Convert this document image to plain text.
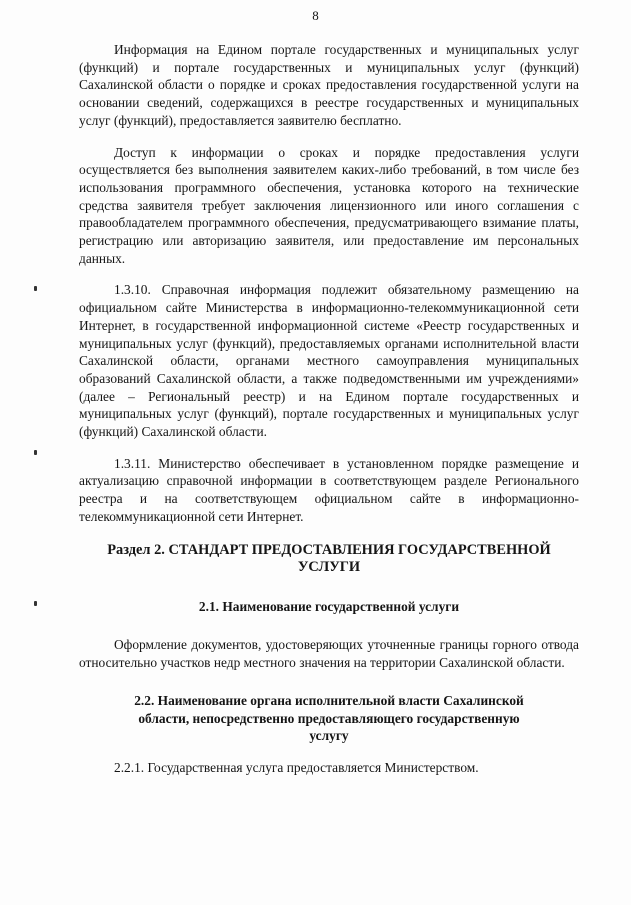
8

Информация на Едином портале государственных и муниципальных услуг (функций) и портале государственных и муниципальных услуг (функций) Сахалинской области о порядке и сроках предоставления государственной услуги на основании сведений, содержащихся в реестре государственных и муниципальных услуг (функций), предоставляется заявителю бесплатно.

Доступ к информации о сроках и порядке предоставления услуги осуществляется без выполнения заявителем каких-либо требований, в том числе без использования программного обеспечения, установка которого на технические средства заявителя требует заключения лицензионного или иного соглашения с правообладателем программного обеспечения, предусматривающего взимание платы, регистрацию или авторизацию заявителя, или предоставление им персональных данных.

1.3.10. Справочная информация подлежит обязательному размещению на официальном сайте Министерства в информационно-телекоммуникационной сети Интернет, в государственной информационной системе «Реестр государственных и муниципальных услуг (функций), предоставляемых органами исполнительной власти Сахалинской области, органами местного самоуправления муниципальных образований Сахалинской области, а также подведомственными им учреждениями» (далее – Региональный реестр) и на Едином портале государственных и муниципальных услуг (функций), портале государственных и муниципальных услуг (функций) Сахалинской области.

1.3.11. Министерство обеспечивает в установленном порядке размещение и актуализацию справочной информации в соответствующем разделе Регионального реестра и на соответствующем официальном сайте в информационно-телекоммуникационной сети Интернет.

Раздел 2. СТАНДАРТ ПРЕДОСТАВЛЕНИЯ ГОСУДАРСТВЕННОЙ УСЛУГИ
2.1. Наименование государственной услуги

Оформление документов, удостоверяющих уточненные границы горного отвода относительно участков недр местного значения на территории Сахалинской области.

2.2. Наименование органа исполнительной власти Сахалинской области, непосредственно предоставляющего государственную услугу

2.2.1. Государственная услуга предоставляется Министерством.
